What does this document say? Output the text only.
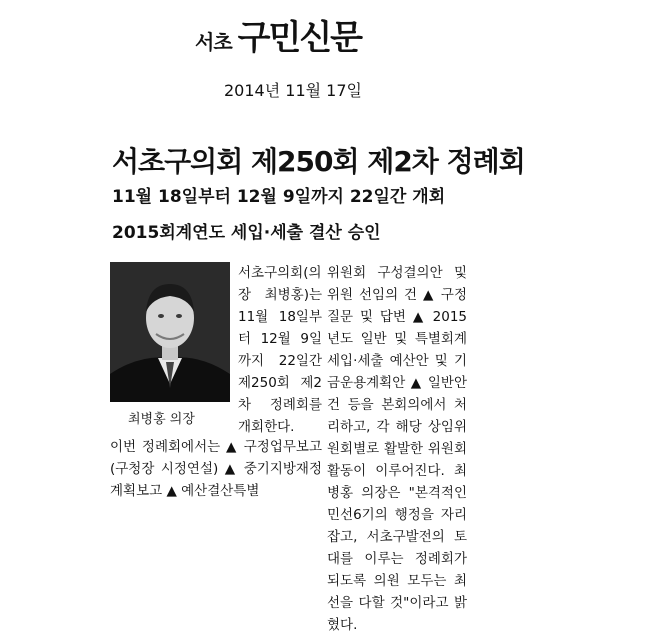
서초 구민신문
2014년 11월 17일
서초구의회 제250회 제2차 정례회
11월 18일부터 12월 9일까지 22일간 개회
2015회계연도 세입·세출 결산 승인
최병홍 의장

서초구의회(의장 최병홍)는 11월 18일부터 12월 9일까지 22일간 제250회 제2차 정례회를 개회한다.

이번 정례회에서는 ▲ 구정업무보고(구청장 시정연설) ▲ 중기지방재정계획보고 ▲ 예산결산특별

위원회 구성결의안 및 위원 선임의 건 ▲ 구정질문 및 답변 ▲ 2015년도 일반 및 특별회계 세입·세출 예산안 및 기금운용계획안 ▲ 일반안건 등을 본회의에서 처리하고, 각 해당 상임위원회별로 활발한 위원회 활동이 이루어진다. 최병홍 의장은 "본격적인 민선6기의 행정을 자리잡고, 서초구발전의 토대를 이루는 정례회가 되도록 의원 모두는 최선을 다할 것"이라고 밝혔다.
